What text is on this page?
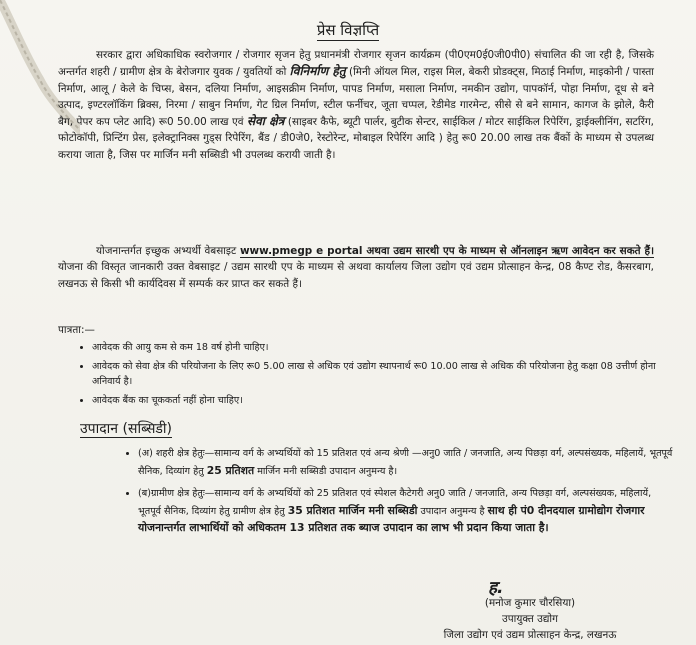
प्रेस विज्ञप्ति
सरकार द्वारा अधिकाधिक स्वरोजगार / रोजगार सृजन हेतु प्रधानमंत्री रोजगार सृजन कार्यक्रम (पी0एम0ई0जी0पी0) संचालित की जा रही है, जिसके अन्तर्गत शहरी / ग्रामीण क्षेत्र के बेरोजगार युवक / युवतियों को विनिर्माण हेतु (मिनी ऑयल मिल, राइस मिल, बेकरी प्रोडक्ट्स, मिठाई निर्माण, माइकोनी / पास्ता निर्माण, आलू / केले के चिप्स, बेसन, दलिया निर्माण, आइसक्रीम निर्माण, पापड निर्माण, मसाला निर्माण, नमकीन उद्योग, पापकॉर्न, पोहा निर्माण, दूध से बने उत्पाद, इण्टरलॉकिंग ब्रिक्स, निरमा / साबुन निर्माण, गेट ग्रिल निर्माण, स्टील फर्नीचर, जूता चप्पल, रेडीमेड गारमेन्ट, सीसे से बने सामान, कागज के झोले, कैरी बैग, पेपर कप प्लेट आदि) रू0 50.00 लाख एवं सेवा क्षेत्र (साइबर कैफे, ब्यूटी पार्लर, बुटीक सेन्टर, साईकिल / मोटर साईकिल रिपेरिंग, ड्राईक्लीनिंग, सटरिंग, फोटोकॉपी, प्रिन्टिंग प्रेस, इलेक्ट्रानिक्स गुड्स रिपेरिंग, बैंड / डी0जे0, रेस्टोरेन्ट, मोबाइल रिपेरिंग आदि ) हेतु रू0 20.00 लाख तक बैंकों के माध्यम से उपलब्ध कराया जाता है, जिस पर मार्जिन मनी सब्सिडी भी उपलब्ध करायी जाती है।
योजनान्तर्गत इच्छुक अभ्यर्थी वेबसाइट www.pmegp e portal अथवा उद्यम सारथी एप के माध्यम से ऑनलाइन ऋण आवेदन कर सकते हैं। योजना की विस्तृत जानकारी उक्त वेबसाइट / उद्यम सारथी एप के माध्यम से अथवा कार्यालय जिला उद्योग एवं उद्यम प्रोत्साहन केन्द्र, 08 कैण्ट रोड, कैसरबाग, लखनऊ से किसी भी कार्यदिवस में सम्पर्क कर प्राप्त कर सकते हैं।
पात्रता:—
• आवेदक की आयु कम से कम 18 वर्ष होनी चाहिए।
• आवेदक को सेवा क्षेत्र की परियोजना के लिए रू0 5.00 लाख से अधिक एवं उद्योग स्थापनार्थ रू0 10.00 लाख से अधिक की परियोजना हेतु कक्षा 08 उत्तीर्ण होना अनिवार्य है।
• आवेदक बैंक का चूककर्ता नहीं होना चाहिए।
उपादान (सब्सिडी)
• (अ) शहरी क्षेत्र हेतुः—सामान्य वर्ग के अभ्यर्थियों को 15 प्रतिशत एवं अन्य श्रेणी —अनु0 जाति / जनजाति, अन्य पिछड़ा वर्ग, अल्पसंख्यक, महिलायें, भूतपूर्व सैनिक, दिव्यांग हेतु 25 प्रतिशत मार्जिन मनी सब्सिडी उपादान अनुमन्य है।
• (ब)ग्रामीण क्षेत्र हेतुः—सामान्य वर्ग के अभ्यर्थियों को 25 प्रतिशत एवं स्पेशल कैटेगरी अनु0 जाति / जनजाति, अन्य पिछड़ा वर्ग, अल्पसंख्यक, महिलायें, भूतपूर्व सैनिक, दिव्यांग हेतु ग्रामीण क्षेत्र हेतु 35 प्रतिशत मार्जिन मनी सब्सिडी उपादान अनुमन्य है साथ ही पं0 दीनदयाल ग्रामोद्योग रोजगार योजनान्तर्गत लाभार्थियों को अधिकतम 13 प्रतिशत तक ब्याज उपादान का लाभ भी प्रदान किया जाता है।
ह.
(मनोज कुमार चौरसिया)
उपायुक्त उद्योग
जिला उद्योग एवं उद्यम प्रोत्साहन केन्द्र, लखनऊ
